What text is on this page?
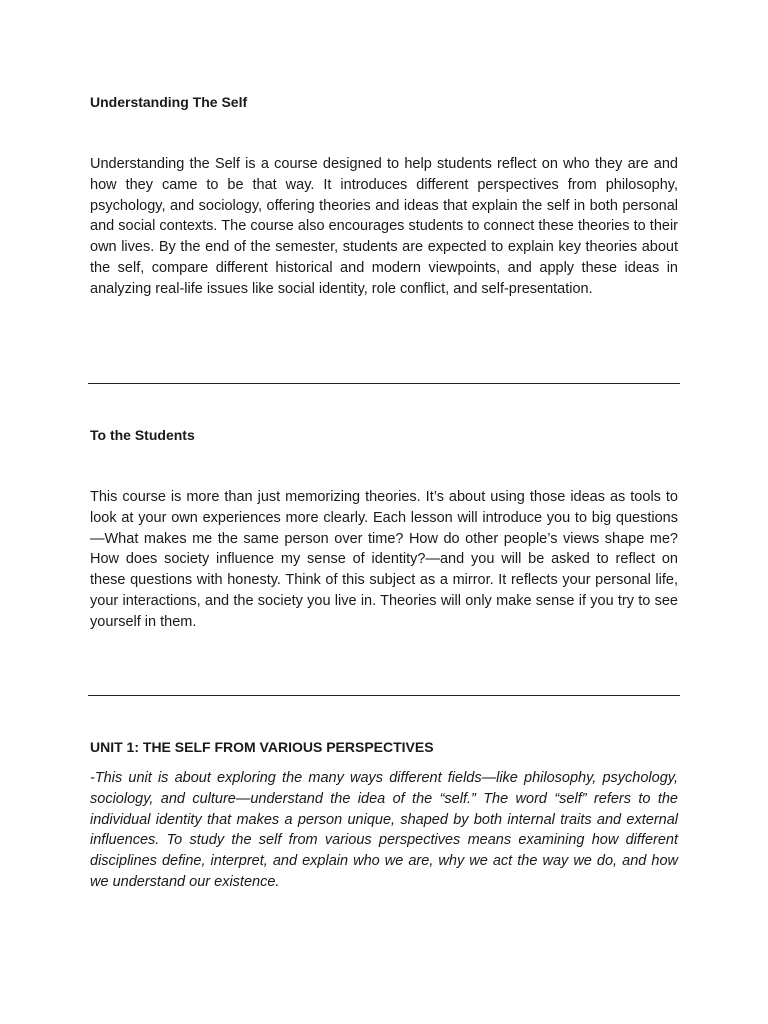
Understanding The Self

Understanding the Self is a course designed to help students reflect on who they are and how they came to be that way. It introduces different perspectives from philosophy, psychology, and sociology, offering theories and ideas that explain the self in both personal and social contexts. The course also encourages students to connect these theories to their own lives. By the end of the semester, students are expected to explain key theories about the self, compare different historical and modern viewpoints, and apply these ideas in analyzing real-life issues like social identity, role conflict, and self-presentation.

To the Students

This course is more than just memorizing theories. It’s about using those ideas as tools to look at your own experiences more clearly. Each lesson will introduce you to big questions—What makes me the same person over time? How do other people’s views shape me? How does society influence my sense of identity?—and you will be asked to reflect on these questions with honesty. Think of this subject as a mirror. It reflects your personal life, your interactions, and the society you live in. Theories will only make sense if you try to see yourself in them.

UNIT 1: THE SELF FROM VARIOUS PERSPECTIVES

-This unit is about exploring the many ways different fields—like philosophy, psychology, sociology, and culture—understand the idea of the “self.” The word “self” refers to the individual identity that makes a person unique, shaped by both internal traits and external influences. To study the self from various perspectives means examining how different disciplines define, interpret, and explain who we are, why we act the way we do, and how we understand our existence.
